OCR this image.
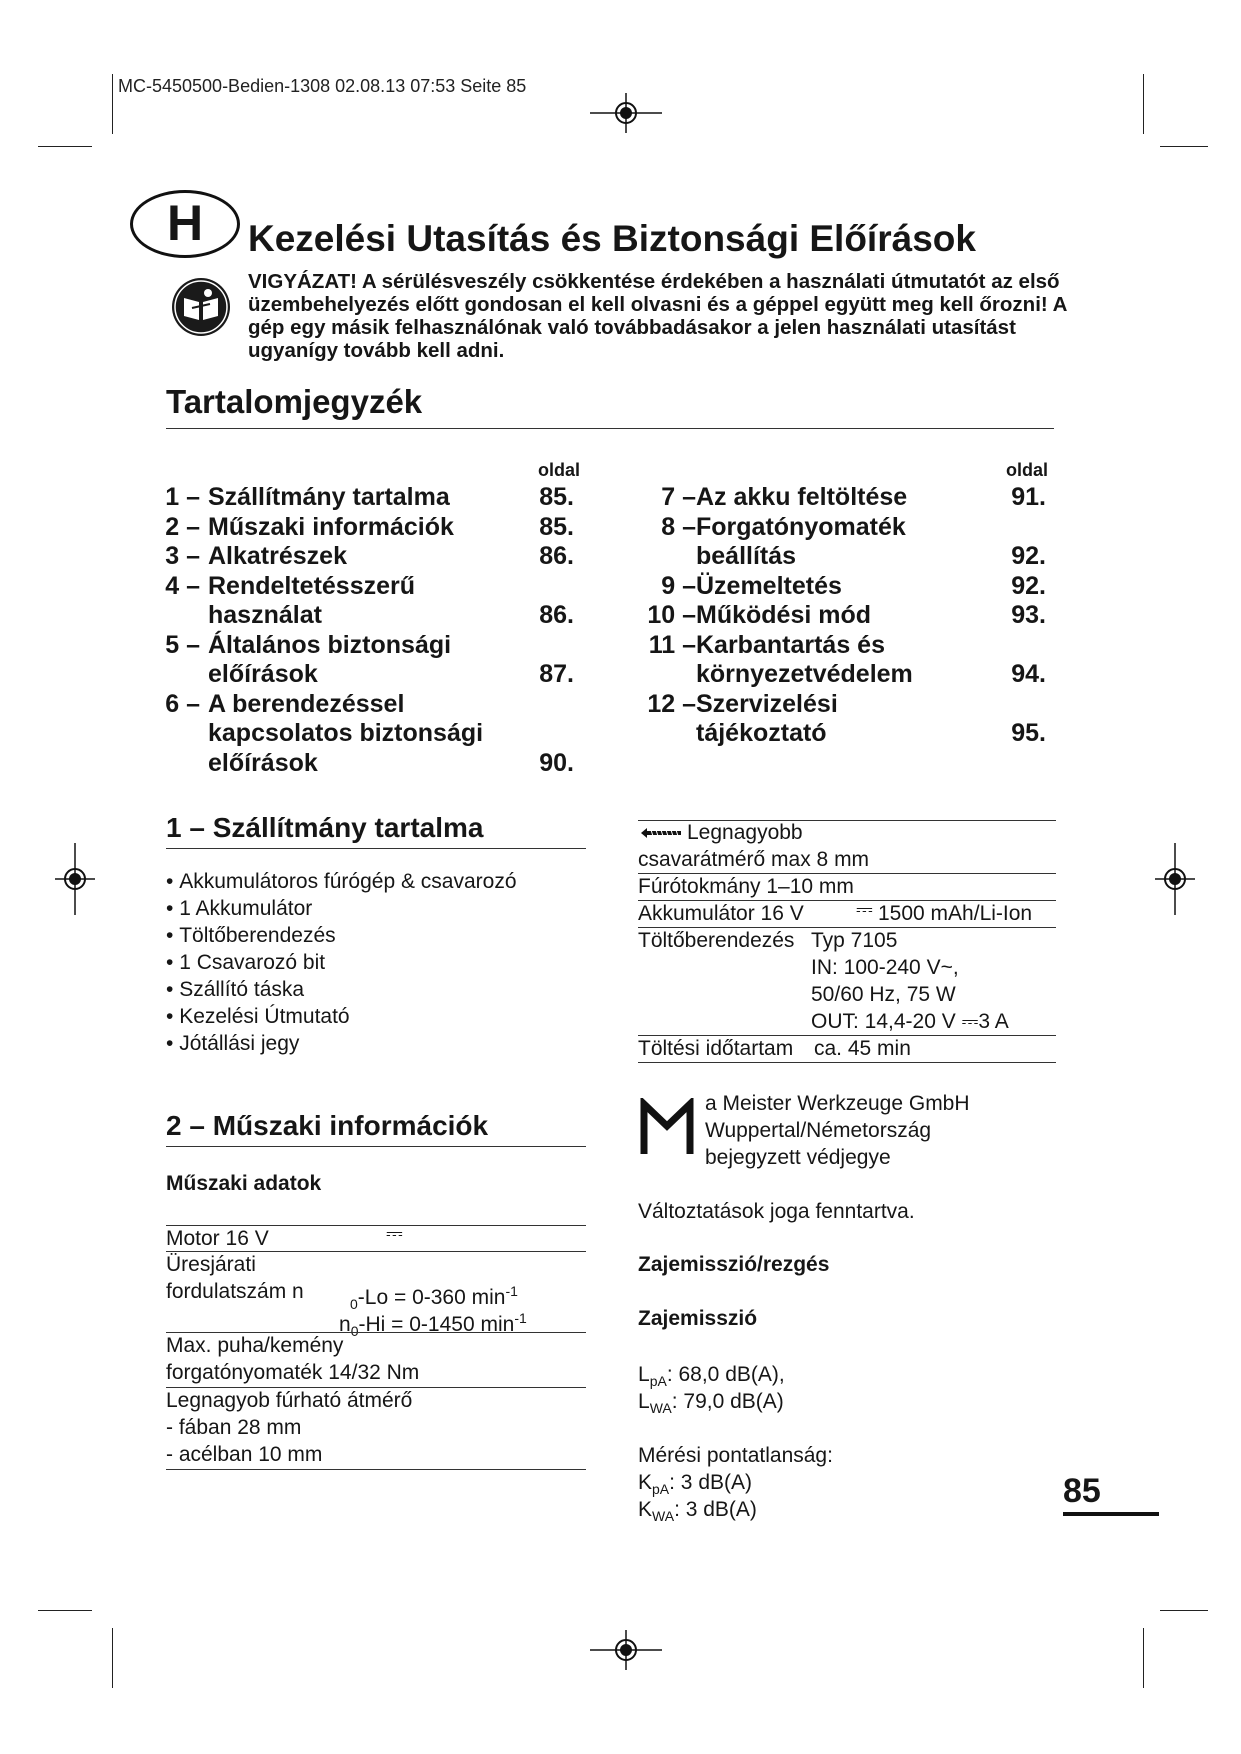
MC-5450500-Bedien-1308 02.08.13 07:53 Seite 85
H	Kezelési Utasítás és Biztonsági Előírások
VIGYÁZAT! A sérülésveszély csökkentése érdekében a használati útmutatót az első üzembehelyezés előtt gondosan el kell olvasni és a géppel együtt meg kell őrozni! A gép egy másik felhasználónak való továbbadásakor a jelen használati utasítást ugyanígy tovább kell adni.
Tartalomjegyzék
oldal	oldal
1 – Szállítmány tartalma	85.
2 – Műszaki információk	85.
3 – Alkatrészek	86.
4 – Rendeltetésszerű
használat	86.
5 – Általános biztonsági
előírások	87.
6 – A berendezéssel
kapcsolatos biztonsági
előírások	90.
7 – Az akku feltöltése	91.
8 – Forgatónyomaték
beállítás	92.
9 – Üzemeltetés	92.
10 – Működési mód	93.
11 – Karbantartás és
környezetvédelem	94.
12 – Szervizelési
tájékoztató	95.
1 – Szállítmány tartalma
• Akkumulátoros fúrógép & csavarozó
• 1 Akkumulátor
• Töltőberendezés
• 1 Csavarozó bit
• Szállító táska
• Kezelési Útmutató
• Jótállási jegy
2 – Műszaki információk
Műszaki adatok
Motor 16 V	⎓
Üresjárati
fordulatszám n
$_0$-Lo = 0-360 $\min^{-1}$
$n_0-Hi = 0-1450$ $\min^{-1}$
Max. puha/kemény
forgatónyomaték 14/32 Nm
Legnagyob fúrható átmérő
- fában 28 mm
- acélban 10 mm
Legnagyobb
csavarátmérő max 8 mm
Fúrótokmány 1–10 mm
Akkumulátor 16 V ⎓ 1500 mAh/Li-Ion
Töltőberendezés Typ 7105
IN: 100-240 V~,
50/60 Hz, 75 W
OUT: 14,4-20 V ⎓3 A
Töltési időtartam ca. 45 min
a Meister Werkzeuge GmbH
Wuppertal/Németország
bejegyzett védjegye
Változtatások joga fenntartva.
Zajemisszió/rezgés
Zajemisszió
$L_{pA}$: 68,0 dB(A),
$L_{WA}$: 79,0 dB(A)
Mérési pontatlanság:
$K_{pA}$: 3 dB(A)
$K_{WA}$: 3 dB(A)	85
